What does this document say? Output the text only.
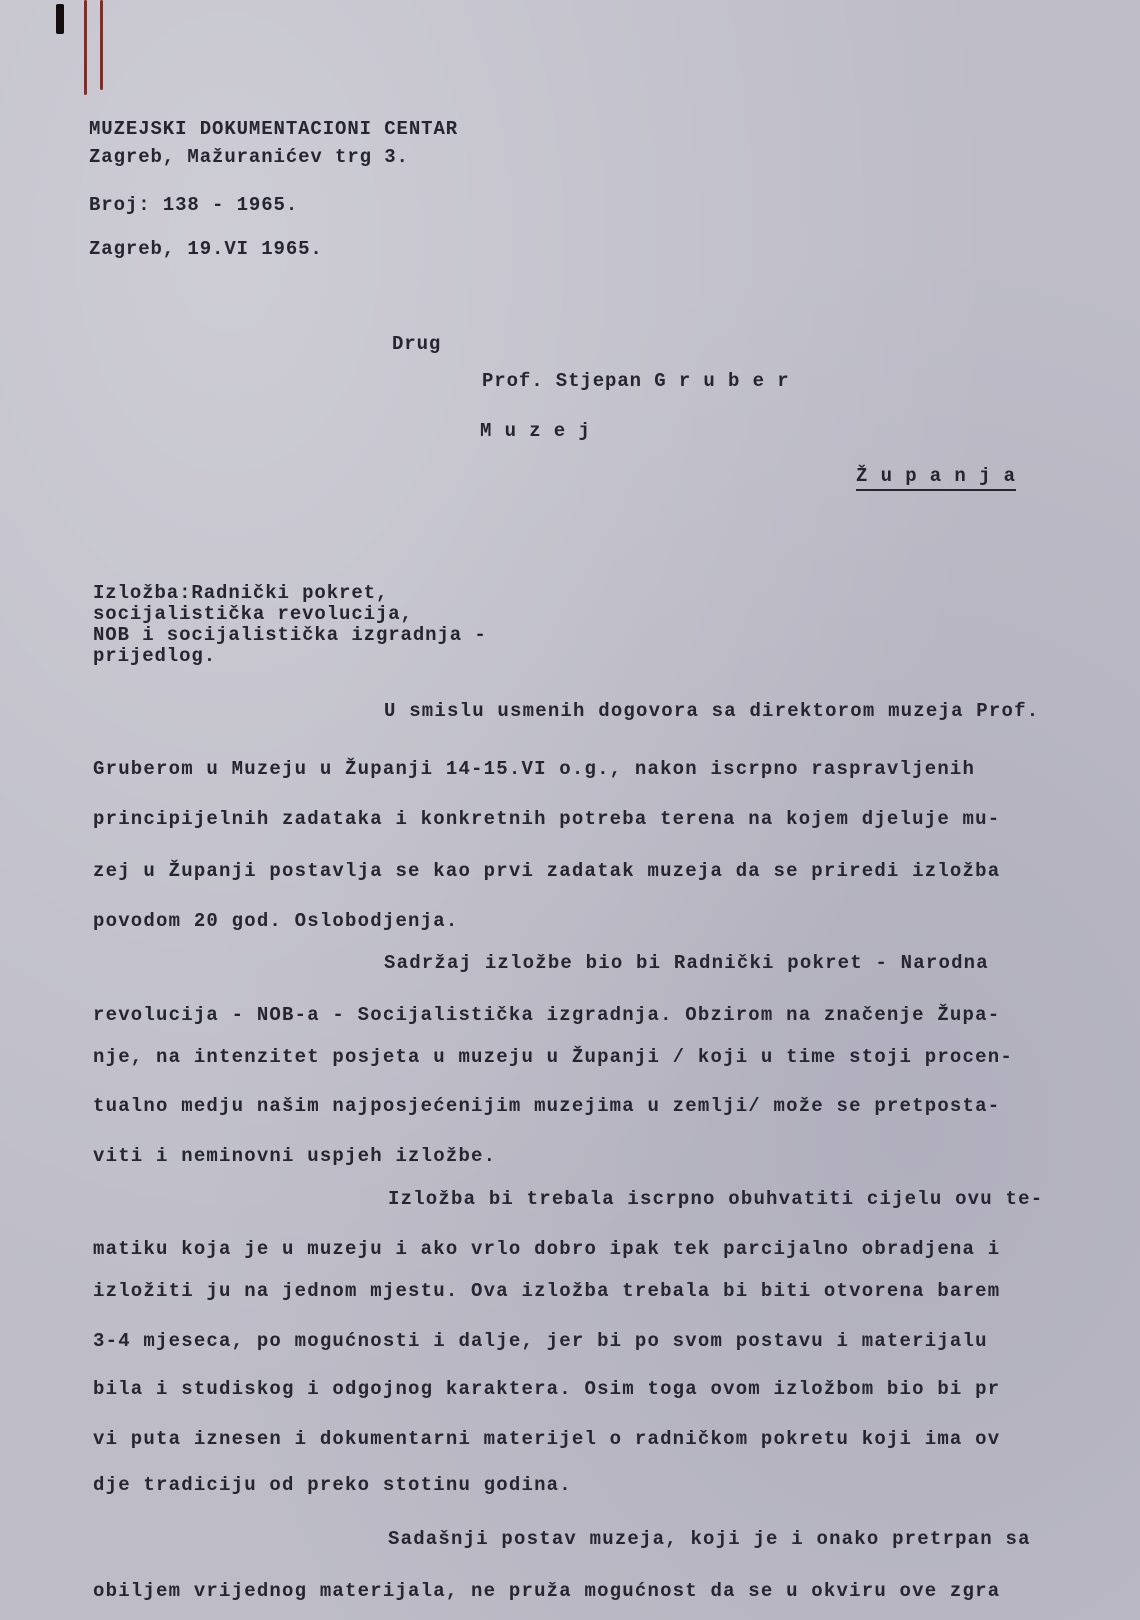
MUZEJSKI DOKUMENTACIONI CENTAR
Zagreb, Mažuranićev trg 3.
Broj: 138 - 1965.
Zagreb, 19.VI 1965.
Drug
Prof. Stjepan G r u b e r
M u z e j
Ž u p a n j a
Izložba:Radnički pokret,
socijalistička revolucija,
NOB i socijalistička izgradnja -
prijedlog.
U smislu usmenih dogovora sa direktorom muzeja Prof.
Gruberom u Muzeju u Županji 14-15.VI o.g., nakon iscrpno raspravljenih
principijelnih zadataka i konkretnih potreba terena na kojem djeluje mu-
zej u Županji postavlja se kao prvi zadatak muzeja da se priredi izložba
povodom 20 god. Oslobodjenja.
Sadržaj izložbe bio bi Radnički pokret - Narodna
revolucija - NOB-a - Socijalistička izgradnja. Obzirom na značenje Župa-
nje, na intenzitet posjeta u muzeju u Županji / koji u time stoji procen-
tualno medju našim najposjećenijim muzejima u zemlji/ može se pretposta-
viti i neminovni uspjeh izložbe.
Izložba bi trebala iscrpno obuhvatiti cijelu ovu te-
matiku koja je u muzeju i ako vrlo dobro ipak tek parcijalno obradjena i
izložiti ju na jednom mjestu. Ova izložba trebala bi biti otvorena barem
3-4 mjeseca, po mogućnosti i dalje, jer bi po svom postavu i materijalu
bila i studiskog i odgojnog karaktera. Osim toga ovom izložbom bio bi pr
vi puta iznesen i dokumentarni materijel o radničkom pokretu koji ima ov
dje tradiciju od preko stotinu godina.
Sadašnji postav muzeja, koji je i onako pretrpan sa
obiljem vrijednog materijala, ne pruža mogućnost da se u okviru ove zgra
